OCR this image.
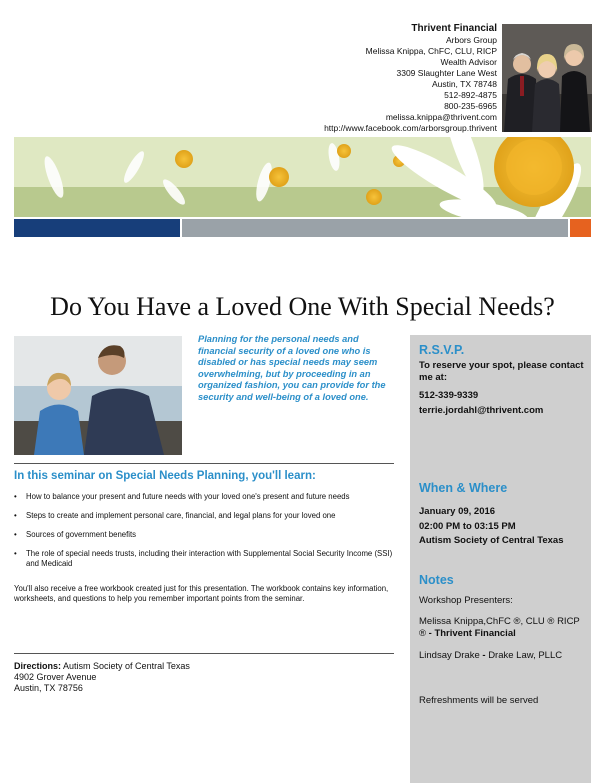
Thrivent Financial
Arbors Group
Melissa Knippa, ChFC, CLU, RICP
Wealth Advisor
3309 Slaughter Lane West
Austin, TX 78748
512-892-4875
800-235-6965
melissa.knippa@thrivent.com
http://www.facebook.com/arborsgroup.thrivent
Do You Have a Loved One With Special Needs?
Planning for the personal needs and financial security of a loved one who is disabled or has special needs may seem overwhelming, but by proceeding in an organized fashion, you can provide for the security and well-being of a loved one.
R.S.V.P.
To reserve your spot, please contact me at:
512-339-9339
terrie.jordahl@thrivent.com
When & Where
January 09, 2016
02:00 PM to 03:15 PM
Autism Society of Central Texas
Notes
Workshop Presenters:
Melissa Knippa,ChFC ®, CLU ® RICP ® - Thrivent Financial
Lindsay Drake - Drake Law, PLLC
Refreshments will be served
In this seminar on Special Needs Planning, you'll learn:
• How to balance your present and future needs with your loved one's present and future needs
• Steps to create and implement personal care, financial, and legal plans for your loved one
• Sources of government benefits
• The role of special needs trusts, including their interaction with Supplemental Social Security Income (SSI) and Medicaid
You'll also receive a free workbook created just for this presentation. The workbook contains key information, worksheets, and questions to help you remember important points from the seminar.
Directions: Autism Society of Central Texas
4902 Grover Avenue
Austin, TX 78756
